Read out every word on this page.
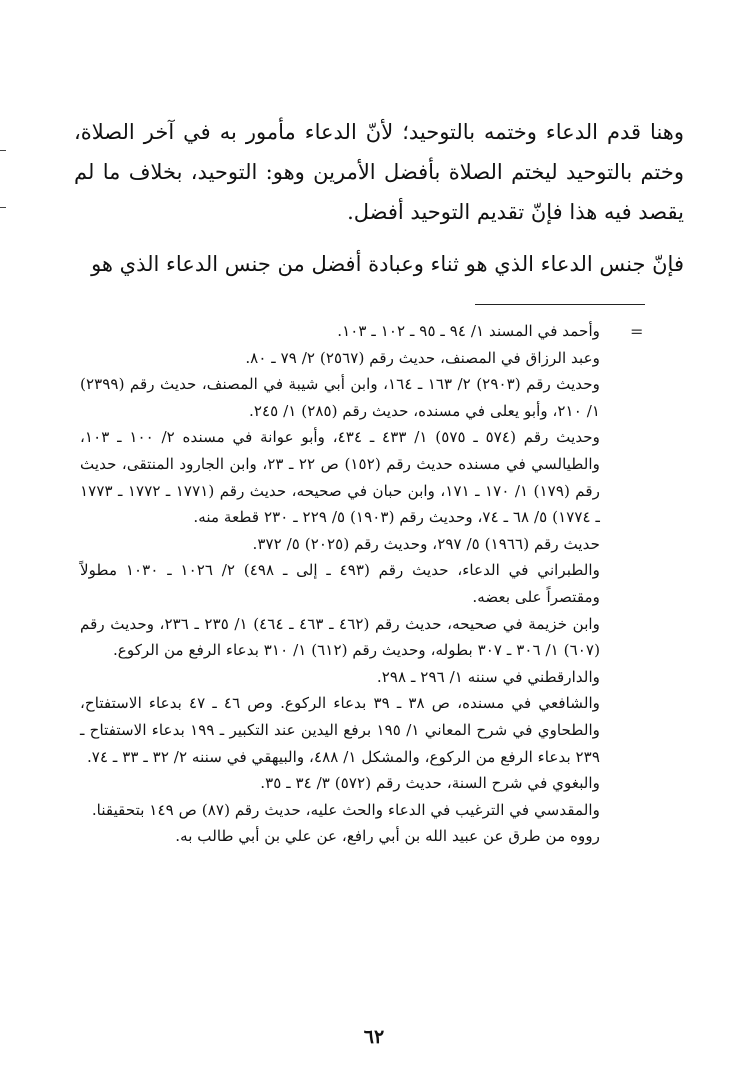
وهنا قدم الدعاء وختمه بالتوحيد؛ لأنّ الدعاء مأمور به في آخر الصلاة، وختم بالتوحيد ليختم الصلاة بأفضل الأمرين وهو: التوحيد، بخلاف ما لم يقصد فيه هذا فإنّ تقديم التوحيد أفضل.

فإنّ جنس الدعاء الذي هو ثناء وعبادة أفضل من جنس الدعاء الذي هو

=

وأحمد في المسند ١/ ٩٤ ـ ٩٥ ـ ١٠٢ ـ ١٠٣.

وعبد الرزاق في المصنف، حديث رقم (٢٥٦٧) ٢/ ٧٩ ـ ٨٠.

وحديث رقم (٢٩٠٣) ٢/ ١٦٣ ـ ١٦٤، وابن أبي شيبة في المصنف، حديث رقم (٢٣٩٩) ١/ ٢١٠، وأبو يعلى في مسنده، حديث رقم (٢٨٥) ١/ ٢٤٥.

وحديث رقم (٥٧٤ ـ ٥٧٥) ١/ ٤٣٣ ـ ٤٣٤، وأبو عوانة في مسنده ٢/ ١٠٠ ـ ١٠٣، والطيالسي في مسنده حديث رقم (١٥٢) ص ٢٢ ـ ٢٣، وابن الجارود المنتقى، حديث رقم (١٧٩) ١/ ١٧٠ ـ ١٧١، وابن حبان في صحيحه، حديث رقم (١٧٧١ ـ ١٧٧٢ ـ ١٧٧٣ ـ ١٧٧٤) ٥/ ٦٨ ـ ٧٤، وحديث رقم (١٩٠٣) ٥/ ٢٢٩ ـ ٢٣٠ قطعة منه.

حديث رقم (١٩٦٦) ٥/ ٢٩٧، وحديث رقم (٢٠٢٥) ٥/ ٣٧٢.

والطبراني في الدعاء، حديث رقم (٤٩٣ ـ إلى ـ ٤٩٨) ٢/ ١٠٢٦ ـ ١٠٣٠ مطولاً ومقتصراً على بعضه.

وابن خزيمة في صحيحه، حديث رقم (٤٦٢ ـ ٤٦٣ ـ ٤٦٤) ١/ ٢٣٥ ـ ٢٣٦، وحديث رقم (٦٠٧) ١/ ٣٠٦ ـ ٣٠٧ بطوله، وحديث رقم (٦١٢) ١/ ٣١٠ بدعاء الرفع من الركوع.

والدارقطني في سننه ١/ ٢٩٦ ـ ٢٩٨.

والشافعي في مسنده، ص ٣٨ ـ ٣٩ بدعاء الركوع. وص ٤٦ ـ ٤٧ بدعاء الاستفتاح، والطحاوي في شرح المعاني ١/ ١٩٥ برفع اليدين عند التكبير ـ ١٩٩ بدعاء الاستفتاح ـ ٢٣٩ بدعاء الرفع من الركوع، والمشكل ١/ ٤٨٨، والبيهقي في سننه ٢/ ٣٢ ـ ٣٣ ـ ٧٤.

والبغوي في شرح السنة، حديث رقم (٥٧٢) ٣/ ٣٤ ـ ٣٥.

والمقدسي في الترغيب في الدعاء والحث عليه، حديث رقم (٨٧) ص ١٤٩ بتحقيقنا.

رووه من طرق عن عبيد الله بن أبي رافع، عن علي بن أبي طالب به.

٦٢
